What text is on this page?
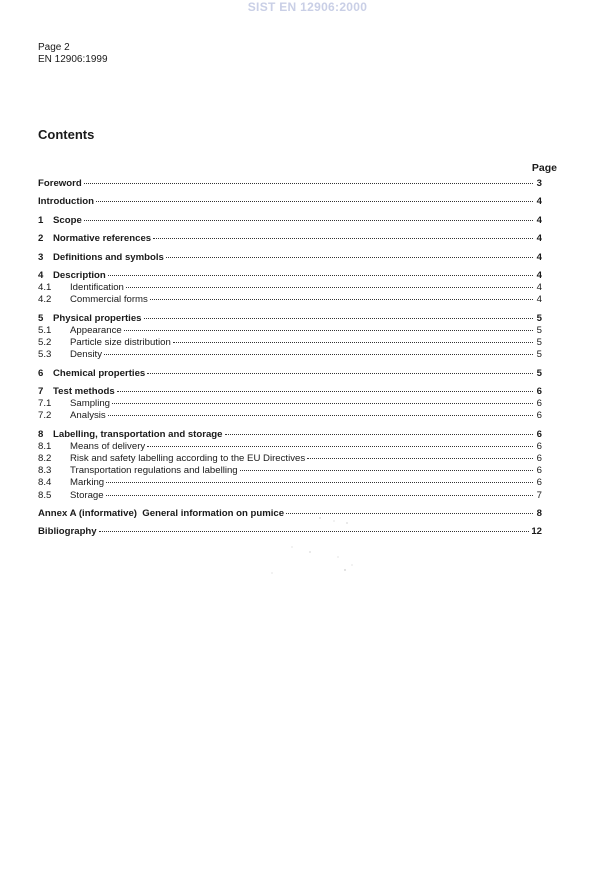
SIST EN 12906:2000
Page 2
EN 12906:1999
Contents
Page
Foreword	3
Introduction	4
1	Scope	4
2	Normative references	4
3	Definitions and symbols	4
4	Description	4
4.1	Identification	4
4.2	Commercial forms	4
5	Physical properties	5
5.1	Appearance	5
5.2	Particle size distribution	5
5.3	Density	5
6	Chemical properties	5
7	Test methods	6
7.1	Sampling	6
7.2	Analysis	6
8	Labelling, transportation and storage	6
8.1	Means of delivery	6
8.2	Risk and safety labelling according to the EU Directives	6
8.3	Transportation regulations and labelling	6
8.4	Marking	6
8.5	Storage	7
Annex A (informative)  General information on pumice	8
Bibliography	12
